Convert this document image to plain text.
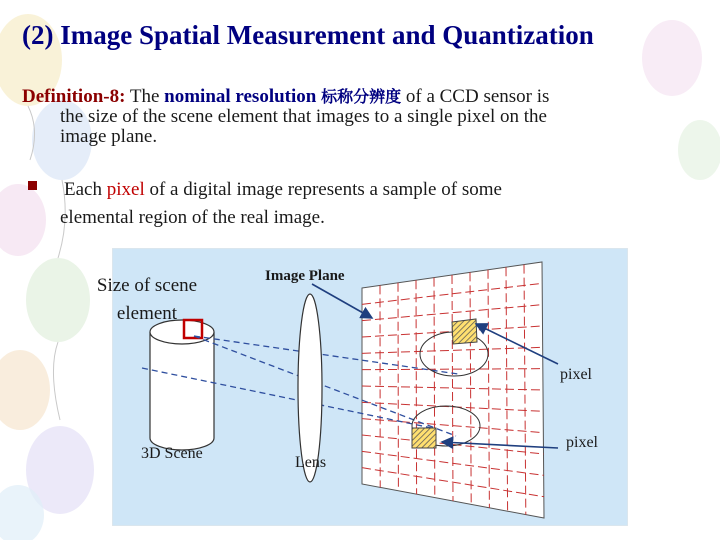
(2) Image Spatial Measurement and Quantization
Definition-8: The nominal resolution 标称分辨度 of a CCD sensor is
the size of the scene element that images to a single pixel on the
image plane.
Each pixel of a digital image represents a sample of some
elemental region of the real image.
Size of scene
element
Image Plane
pixel
pixel
3D Scene
Lens
